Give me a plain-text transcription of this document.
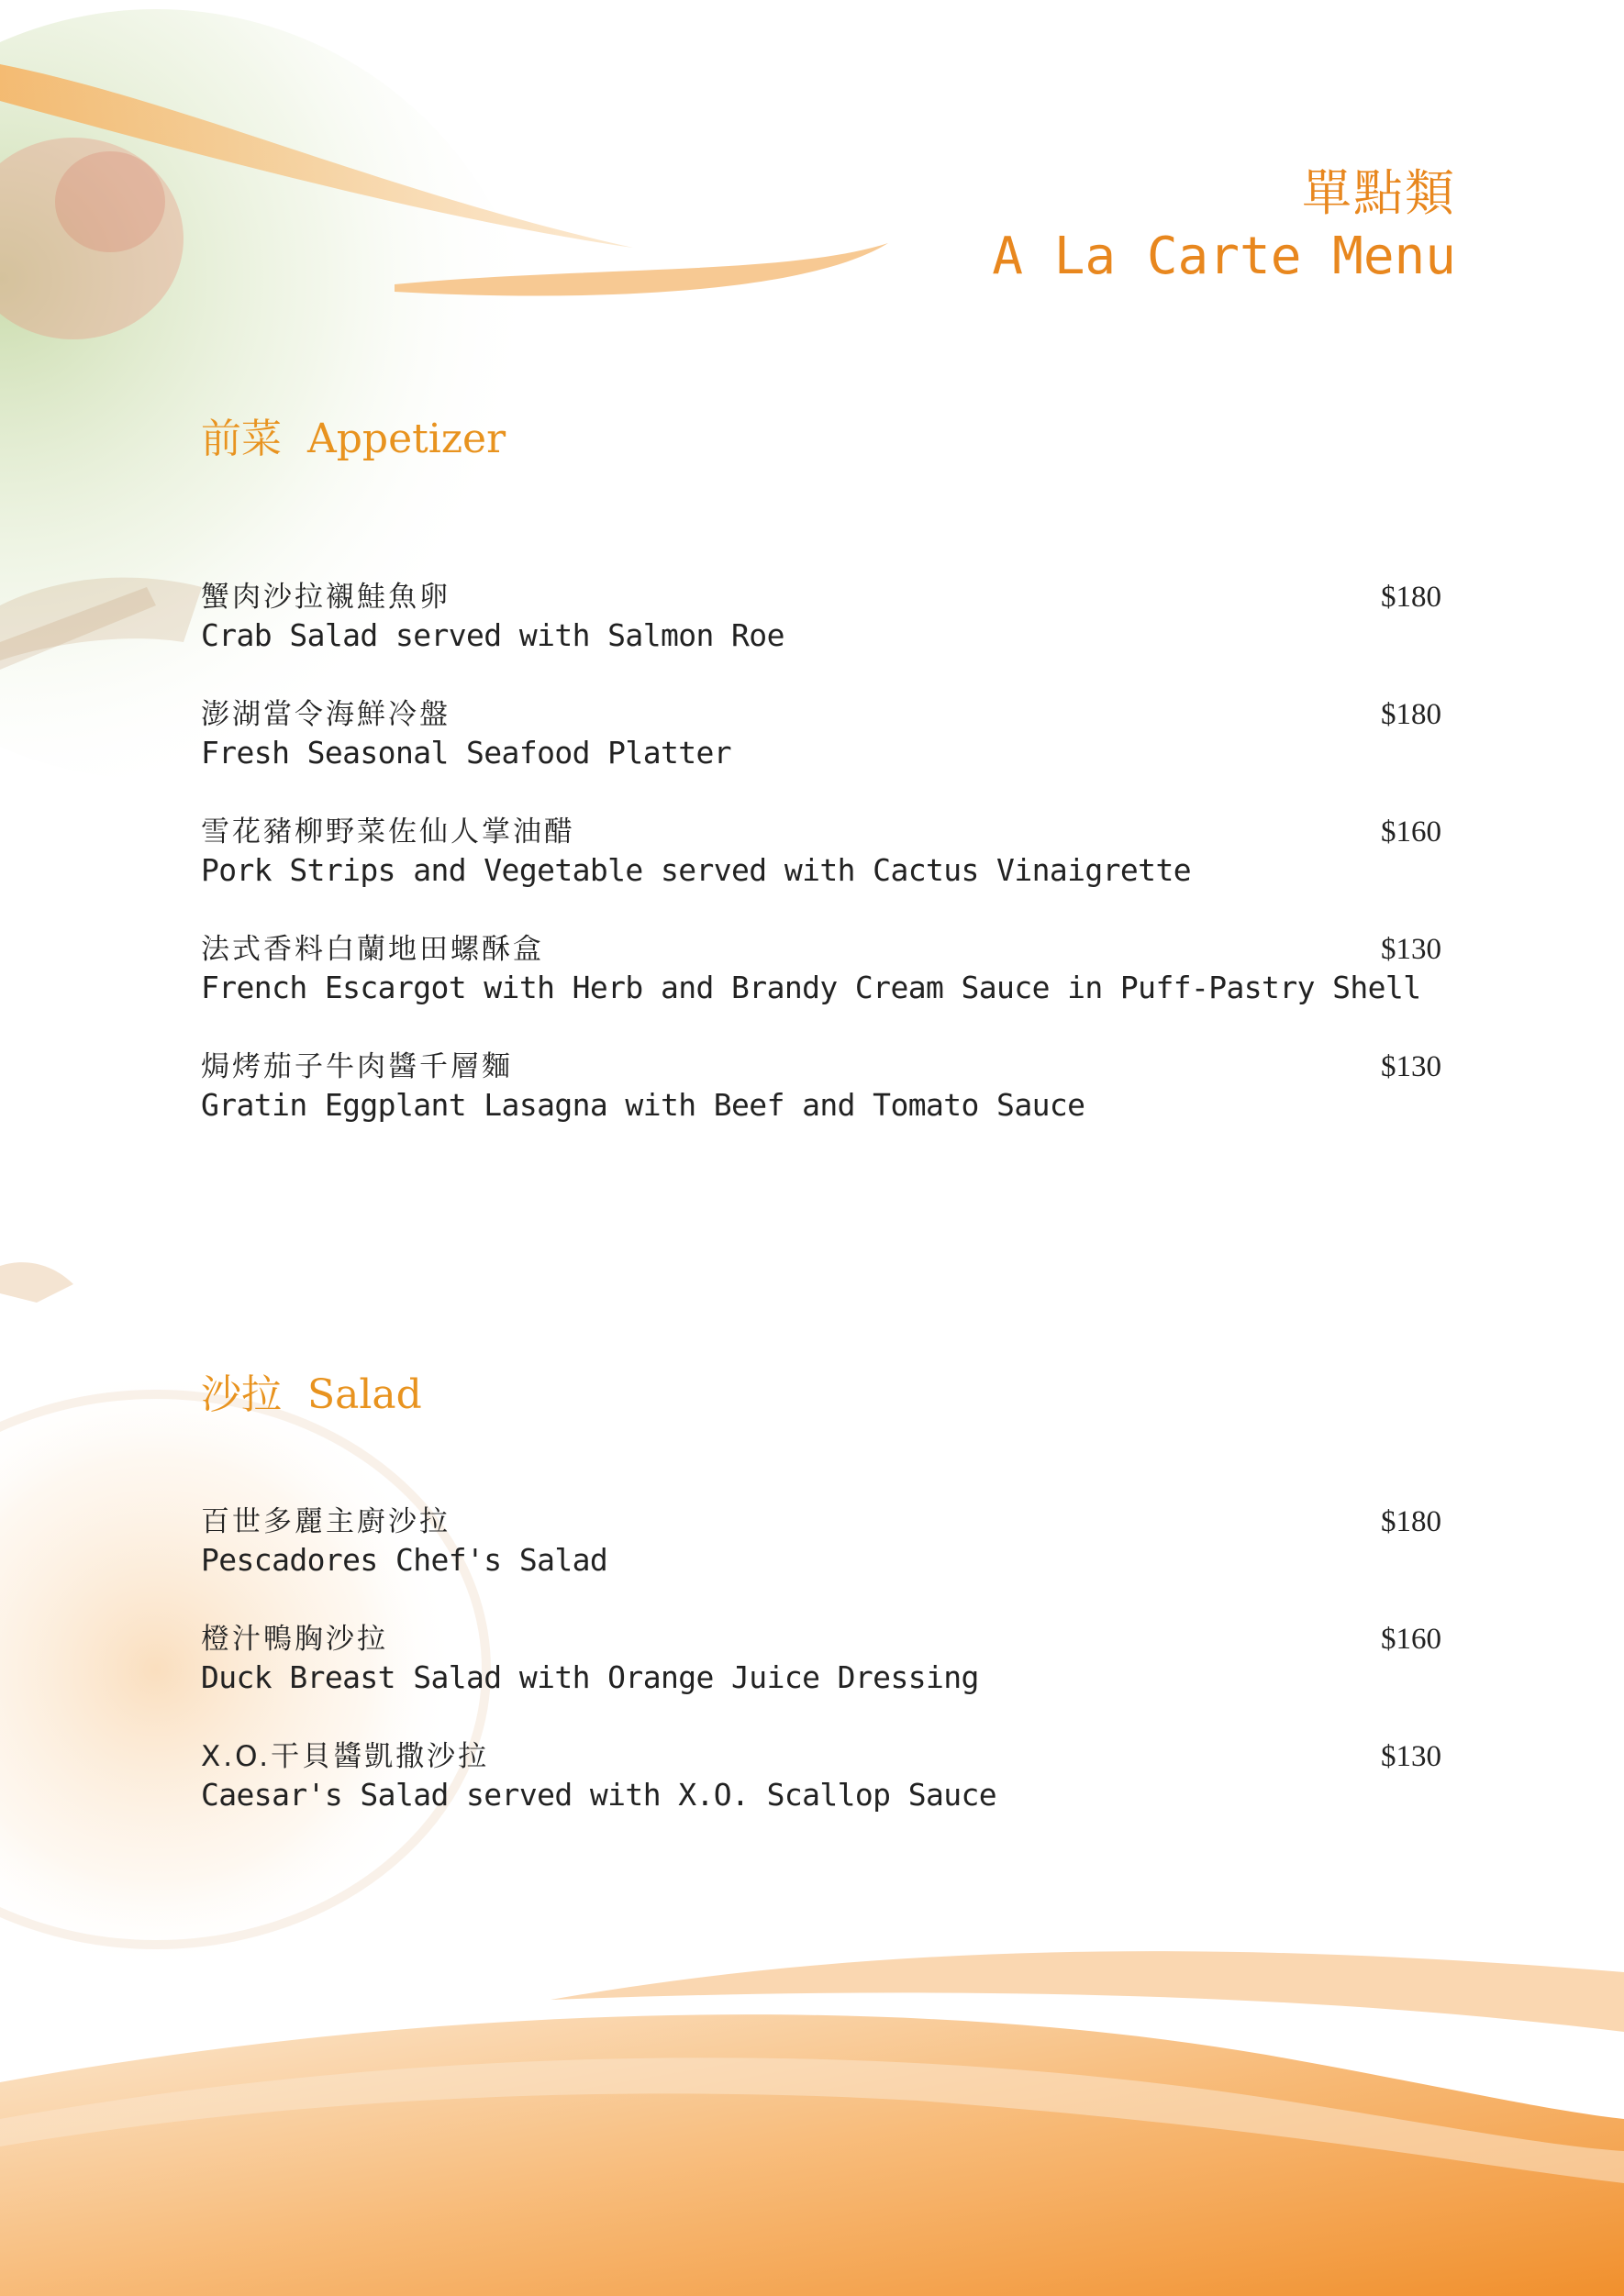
單點類
A La Carte Menu
前菜  Appetizer
蟹肉沙拉襯鮭魚卵
Crab Salad served with Salmon Roe
$180
澎湖當令海鮮冷盤
Fresh Seasonal Seafood Platter
$180
雪花豬柳野菜佐仙人掌油醋
Pork Strips and Vegetable served with Cactus Vinaigrette
$160
法式香料白蘭地田螺酥盒
French Escargot with Herb and Brandy Cream Sauce in Puff-Pastry Shell
$130
焗烤茄子牛肉醬千層麵
Gratin Eggplant Lasagna with Beef and Tomato Sauce
$130
沙拉  Salad
百世多麗主廚沙拉
Pescadores Chef's Salad
$180
橙汁鴨胸沙拉
Duck Breast Salad with Orange Juice Dressing
$160
X.O.干貝醬凱撒沙拉
Caesar's Salad served with X.O. Scallop Sauce
$130
